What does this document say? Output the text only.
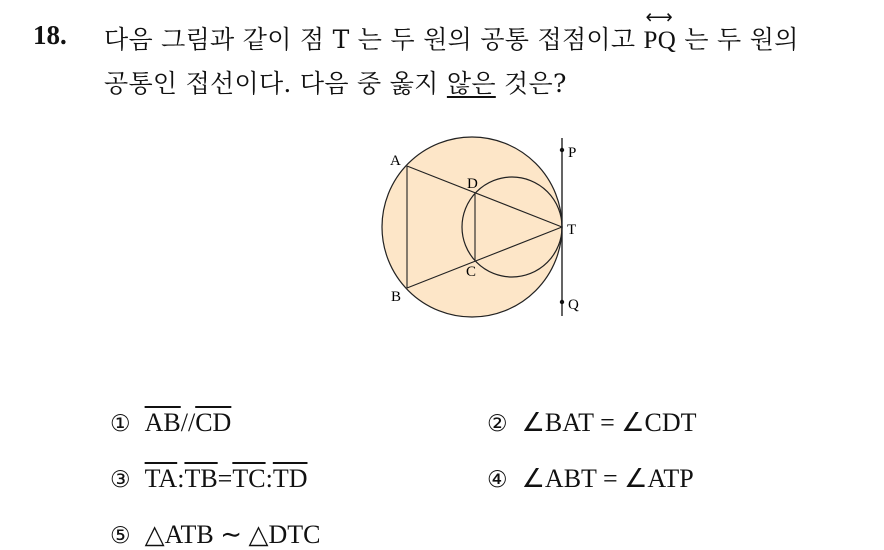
18. 다음 그림과 같이 점 T 는 두 원의 공통 접점이고 ⟷ PQ 는 두 원의
공통인 접선이다. 다음 중 옳지 않은 것은?
A
B
C
D
T
P
Q
① $\overline{AB}//\overline{CD}$	② ∠BAT = ∠CDT
③ $\overline{TA}:\overline{TB}=\overline{TC}:\overline{TD}$	④ ∠ABT = ∠ATP
⑤ △ATB ∼ △DTC
